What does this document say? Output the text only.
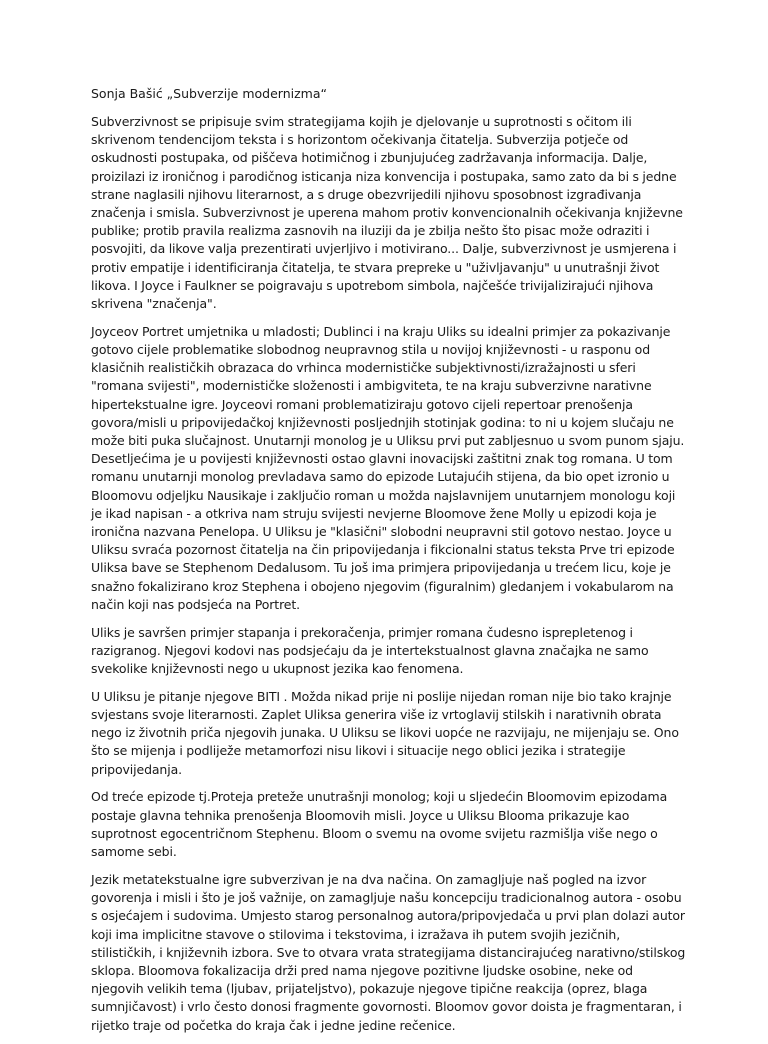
Sonja Bašić „Subverzije modernizma“

Subverzivnost se pripisuje svim strategijama kojih je djelovanje u suprotnosti s očitom ili skrivenom tendencijom teksta i s horizontom očekivanja čitatelja. Subverzija potječe od oskudnosti postupaka, od piščeva hotimičnog i zbunjujućeg zadržavanja informacija. Dalje, proizilazi iz ironičnog i parodičnog isticanja niza konvencija i postupaka, samo zato da bi s jedne strane naglasili njihovu literarnost, a s druge obezvrijedili njihovu sposobnost izgrađivanja značenja i smisla. Subverzivnost je uperena mahom protiv konvencionalnih očekivanja književne publike; protib pravila realizma zasnovih na iluziji da je zbilja nešto što pisac može odraziti i posvojiti, da likove valja prezentirati uvjerljivo i motivirano... Dalje, subverzivnost je usmjerena i protiv empatije i identificiranja čitatelja, te stvara prepreke u "uživljavanju" u unutrašnji život likova. I Joyce i Faulkner se poigravaju s upotrebom simbola, najčešće trivijalizirajući njihova skrivena "značenja".

Joyceov Portret umjetnika u mladosti; Dublinci i na kraju Uliks su idealni primjer za pokazivanje gotovo cijele problematike slobodnog neupravnog stila u novijoj književnosti - u rasponu od klasičnih realističkih obrazaca do vrhinca modernističke subjektivnosti/izražajnosti u sferi "romana svijesti", modernističke složenosti i ambigviteta, te na kraju subverzivne narativne hipertekstualne igre. Joyceovi romani problematiziraju gotovo cijeli repertoar prenošenja govora/misli u pripovijedačkoj književnosti posljednjih stotinjak godina: to ni u kojem slučaju ne može biti puka slučajnost. Unutarnji monolog je u Uliksu prvi put zabljesnuo u svom punom sjaju. Desetljećima je u povijesti književnosti ostao glavni inovacijski zaštitni znak tog romana. U tom romanu unutarnji monolog prevladava samo do epizode Lutajućih stijena, da bio opet izronio u Bloomovu odjeljku Nausikaje i zaključio roman u možda najslavnijem unutarnjem monologu koji je ikad napisan - a otkriva nam struju svijesti nevjerne Bloomove žene Molly u epizodi koja je ironična nazvana Penelopa. U Uliksu je "klasični" slobodni neupravni stil gotovo nestao. Joyce u Uliksu svraća pozornost čitatelja na čin pripovijedanja i fikcionalni status teksta Prve tri epizode Uliksa bave se Stephenom Dedalusom. Tu još ima primjera pripovijedanja u trećem licu, koje je snažno fokalizirano kroz Stephena i obojeno njegovim (figuralnim) gledanjem i vokabularom na način koji nas podsjeća na Portret.

Uliks je savršen primjer stapanja i prekoračenja, primjer romana čudesno isprepletenog i razigranog. Njegovi kodovi nas podsjećaju da je intertekstualnost glavna značajka ne samo svekolike književnosti nego u ukupnost jezika kao fenomena.

U Uliksu je pitanje njegove BITI . Možda nikad prije ni poslije nijedan roman nije bio tako krajnje svjestans svoje literarnosti. Zaplet Uliksa generira više iz vrtoglavij stilskih i narativnih obrata nego iz životnih priča njegovih junaka. U Uliksu se likovi uopće ne razvijaju, ne mijenjaju se. Ono što se mijenja i podliježe metamorfozi nisu likovi i situacije nego oblici jezika i strategije pripovijedanja.

Od treće epizode tj.Proteja preteže unutrašnji monolog; koji u sljedećin Bloomovim epizodama postaje glavna tehnika prenošenja Bloomovih misli. Joyce u Uliksu Blooma prikazuje kao suprotnost egocentričnom Stephenu. Bloom o svemu na ovome svijetu razmišlja više nego o samome sebi.

Jezik metatekstualne igre subverzivan je na dva načina. On zamagljuje naš pogled na izvor govorenja i misli i što je još važnije, on zamagljuje našu koncepciju tradicionalnog autora - osobu s osjećajem i sudovima. Umjesto starog personalnog autora/pripovjedača u prvi plan dolazi autor koji ima implicitne stavove o stilovima i tekstovima, i izražava ih putem svojih jezičnih, stilističkih, i književnih izbora. Sve to otvara vrata strategijama distancirajućeg narativno/stilskog sklopa. Bloomova fokalizacija drži pred nama njegove pozitivne ljudske osobine, neke od njegovih velikih tema (ljubav, prijateljstvo), pokazuje njegove tipične reakcija (oprez, blaga sumnjičavost) i vrlo često donosi fragmente govornosti. Bloomov govor doista je fragmentaran, i rijetko traje od početka do kraja čak i jedne jedine rečenice.
